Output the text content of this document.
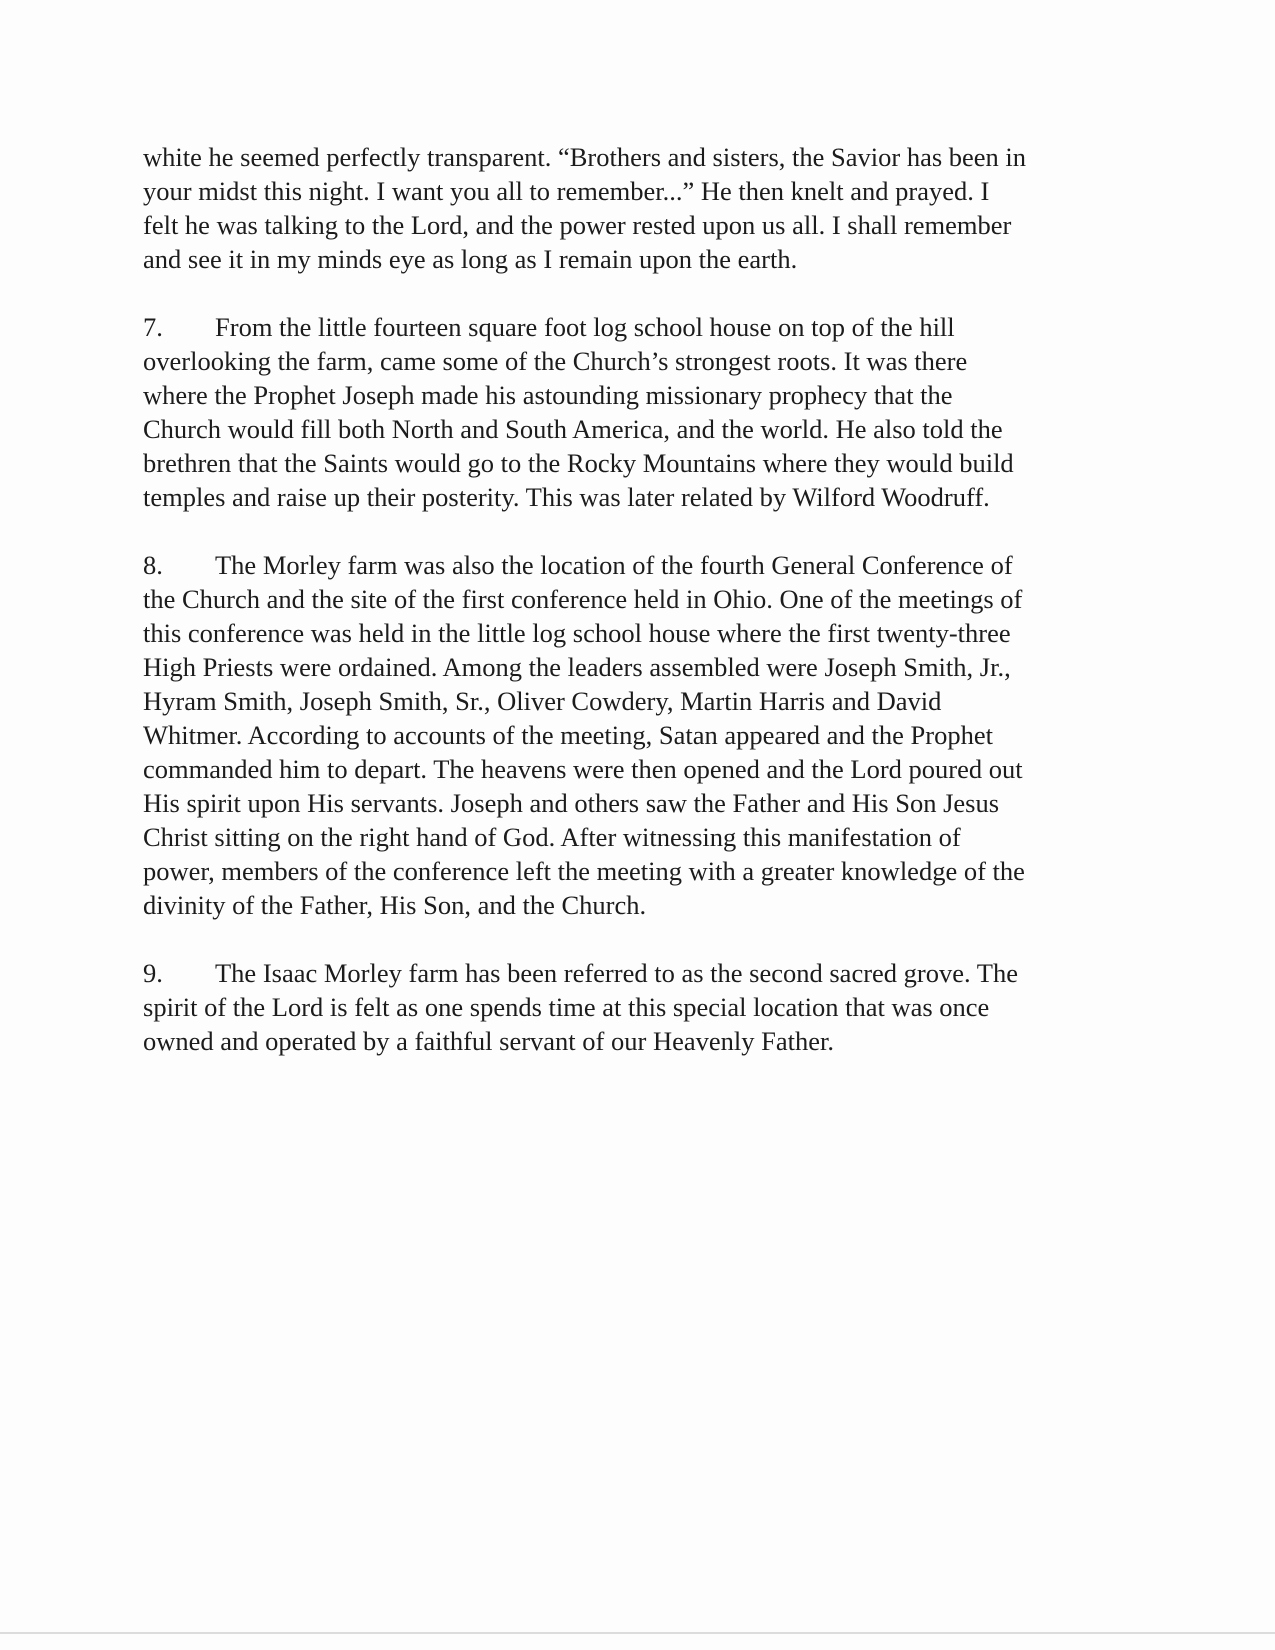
white he seemed perfectly transparent. “Brothers and sisters, the Savior has been in
your midst this night. I want you all to remember...” He then knelt and prayed. I
felt he was talking to the Lord, and the power rested upon us all. I shall remember
and see it in my minds eye as long as I remain upon the earth.

7. From the little fourteen square foot log school house on top of the hill
overlooking the farm, came some of the Church’s strongest roots. It was there
where the Prophet Joseph made his astounding missionary prophecy that the
Church would fill both North and South America, and the world. He also told the
brethren that the Saints would go to the Rocky Mountains where they would build
temples and raise up their posterity. This was later related by Wilford Woodruff.

8. The Morley farm was also the location of the fourth General Conference of
the Church and the site of the first conference held in Ohio. One of the meetings of
this conference was held in the little log school house where the first twenty-three
High Priests were ordained. Among the leaders assembled were Joseph Smith, Jr.,
Hyram Smith, Joseph Smith, Sr., Oliver Cowdery, Martin Harris and David
Whitmer. According to accounts of the meeting, Satan appeared and the Prophet
commanded him to depart. The heavens were then opened and the Lord poured out
His spirit upon His servants. Joseph and others saw the Father and His Son Jesus
Christ sitting on the right hand of God. After witnessing this manifestation of
power, members of the conference left the meeting with a greater knowledge of the
divinity of the Father, His Son, and the Church.

9. The Isaac Morley farm has been referred to as the second sacred grove. The
spirit of the Lord is felt as one spends time at this special location that was once
owned and operated by a faithful servant of our Heavenly Father.
